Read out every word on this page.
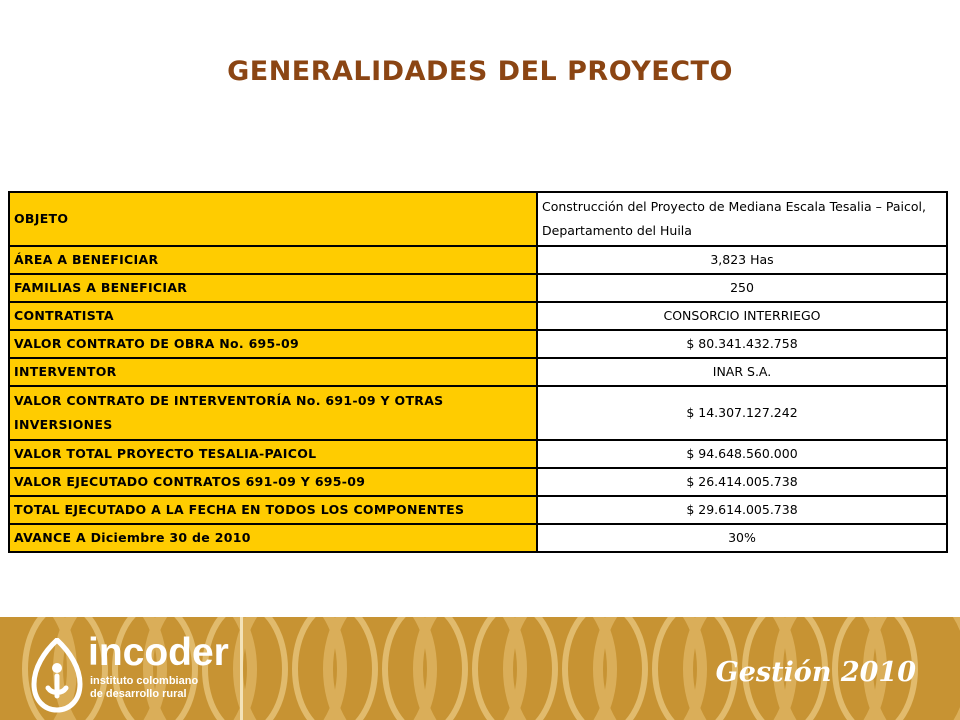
GENERALIDADES DEL PROYECTO
OBJETO	Construcción del Proyecto de Mediana Escala Tesalia – Paicol, Departamento del Huila
ÁREA A BENEFICIAR	3,823 Has
FAMILIAS A BENEFICIAR	250
CONTRATISTA	CONSORCIO INTERRIEGO
VALOR CONTRATO DE OBRA No. 695-09	$ 80.341.432.758
INTERVENTOR	INAR S.A.
VALOR CONTRATO DE INTERVENTORÍA No. 691-09 Y OTRAS INVERSIONES	$ 14.307.127.242
VALOR TOTAL PROYECTO TESALIA-PAICOL	$ 94.648.560.000
VALOR EJECUTADO CONTRATOS 691-09 Y 695-09	$ 26.414.005.738
TOTAL EJECUTADO A LA FECHA EN TODOS LOS COMPONENTES	$ 29.614.005.738
AVANCE A Diciembre 30 de 2010	30%
incoder
instituto colombiano
de desarrollo rural
Gestión 2010
